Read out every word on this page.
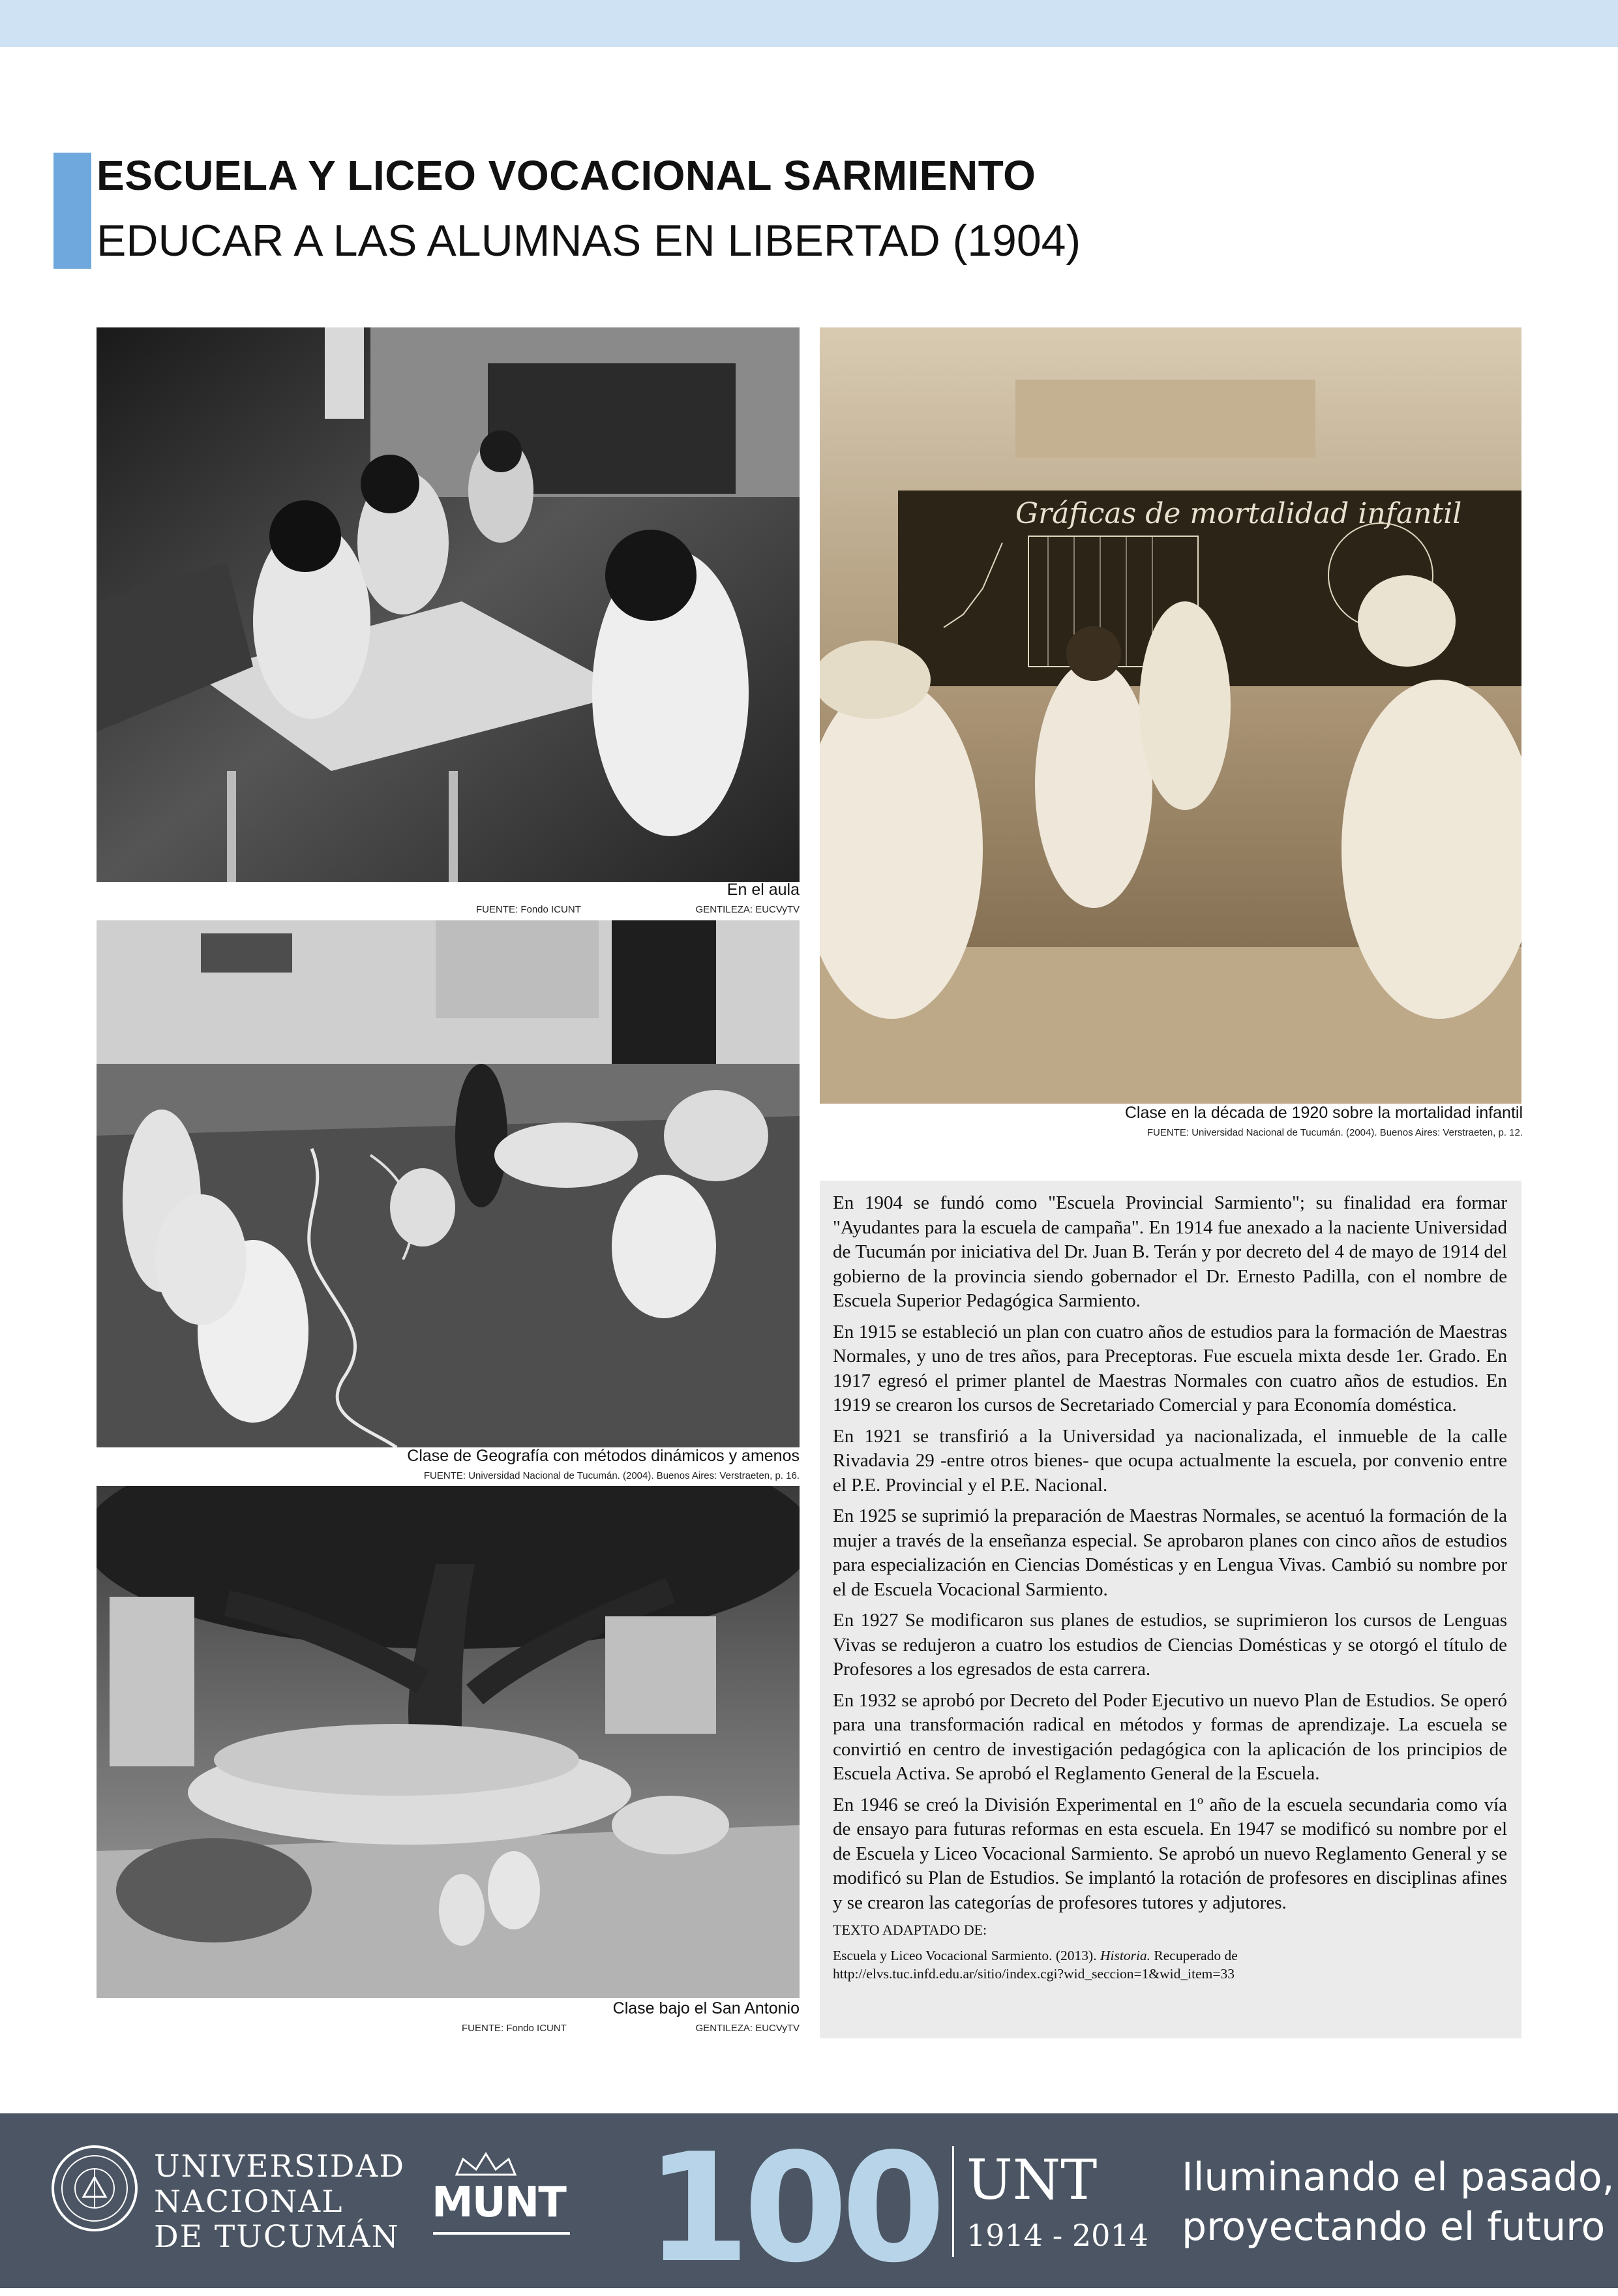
ESCUELA Y LICEO VOCACIONAL SARMIENTO
EDUCAR A LAS ALUMNAS EN LIBERTAD (1904)
En el aula
FUENTE: Fondo ICUNT	GENTILEZA: EUCVyTV
Clase de Geografía con métodos dinámicos y amenos
FUENTE: Universidad Nacional de Tucumán. (2004). Buenos Aires: Verstraeten, p. 16.
Clase bajo el San Antonio
FUENTE: Fondo ICUNT	GENTILEZA: EUCVyTV
Gráficas de mortalidad infantil
Clase en la década de 1920 sobre la mortalidad infantil
FUENTE: Universidad Nacional de Tucumán. (2004). Buenos Aires: Verstraeten, p. 12.

En 1904 se fundó como "Escuela Provincial Sarmiento"; su finalidad era formar "Ayudantes para la escuela de campaña". En 1914 fue anexado a la naciente Universidad de Tucumán por iniciativa del Dr. Juan B. Terán y por decreto del 4 de mayo de 1914 del gobierno de la provincia siendo gobernador el Dr. Ernesto Padilla, con el nombre de Escuela Superior Pedagógica Sarmiento.

En 1915 se estableció un plan con cuatro años de estudios para la formación de Maestras Normales, y uno de tres años, para Preceptoras. Fue escuela mixta desde 1er. Grado. En 1917 egresó el primer plantel de Maestras Normales con cuatro años de estudios. En 1919 se crearon los cursos de Secretariado Comercial y para Economía doméstica.

En 1921 se transfirió a la Universidad ya nacionalizada, el inmueble de la calle Rivadavia 29 -entre otros bienes- que ocupa actualmente la escuela, por convenio entre el P.E. Provincial y el P.E. Nacional.

En 1925 se suprimió la preparación de Maestras Normales, se acentuó la formación de la mujer a través de la enseñanza especial. Se aprobaron planes con cinco años de estudios para especialización en Ciencias Domésticas y en Lengua Vivas. Cambió su nombre por el de Escuela Vocacional Sarmiento.

En 1927 Se modificaron sus planes de estudios, se suprimieron los cursos de Lenguas Vivas se redujeron a cuatro los estudios de Ciencias Domésticas y se otorgó el título de Profesores a los egresados de esta carrera.

En 1932 se aprobó por Decreto del Poder Ejecutivo un nuevo Plan de Estudios. Se operó para una transformación radical en métodos y formas de aprendizaje. La escuela se convirtió en centro de investigación pedagógica con la aplicación de los principios de Escuela Activa. Se aprobó el Reglamento General de la Escuela.

En 1946 se creó la División Experimental en 1º año de la escuela secundaria como vía de ensayo para futuras reformas en esta escuela. En 1947 se modificó su nombre por el de Escuela y Liceo Vocacional Sarmiento. Se aprobó un nuevo Reglamento General y se modificó su Plan de Estudios. Se implantó la rotación de profesores en disciplinas afines y se crearon las categorías de profesores tutores y adjutores.

TEXTO ADAPTADO DE:
Escuela y Liceo Vocacional Sarmiento. (2013). Historia. Recuperado de
http://elvs.tuc.infd.edu.ar/sitio/index.cgi?wid_seccion=1&wid_item=33
UNIVERSIDAD
NACIONAL
DE TUCUMÁN
MUNT 100 UNT
1914 - 2014
Iluminando el pasado,
proyectando el futuro
